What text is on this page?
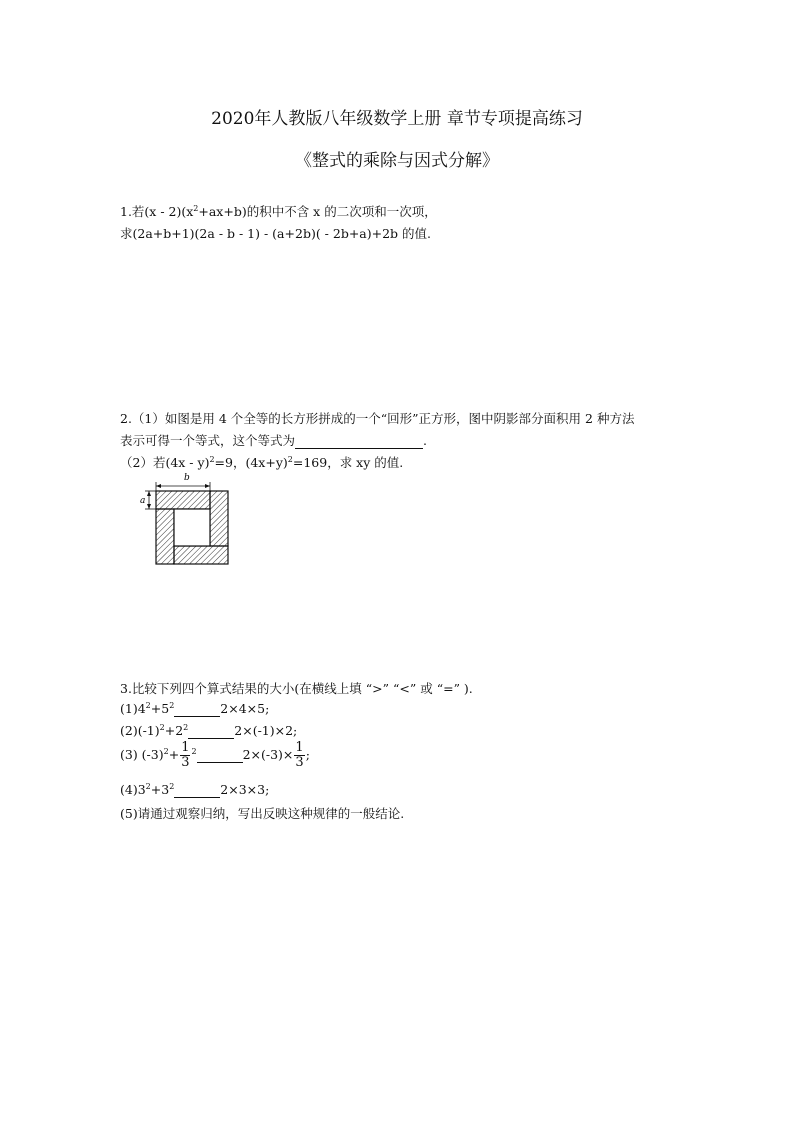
2020年人教版八年级数学上册 章节专项提高练习
《整式的乘除与因式分解》
1.若$(x - 2)(x^2+ax+b)$的积中不含 x 的二次项和一次项，
求(2a+b+1)(2a - b - 1) - (a+2b)( - 2b+a)+2b 的值.
2.（1）如图是用 4 个全等的长方形拼成的一个“回形”正方形，图中阴影部分面积用 2 种方法
表示可得一个等式，这个等式为	.
（2）若(4x - y)$^2$=9，$(4x+y)^2=169$，求 xy 的值.
b
a
3.比较下列四个算式结果的大小(在横线上填 “>” “<” 或 “=” ).
$(1)4^2+5^2$	2×4×5;
$(2)(-1)^2+2^2$	2×(-1)×2;
(3) $(-3)^2+ \frac{1}{3} ^2$	$2\times(-3)\times \frac{1}{3}$ ;
$(4)3^2+3^2$	2×3×3;
(5)请通过观察归纳，写出反映这种规律的一般结论.
